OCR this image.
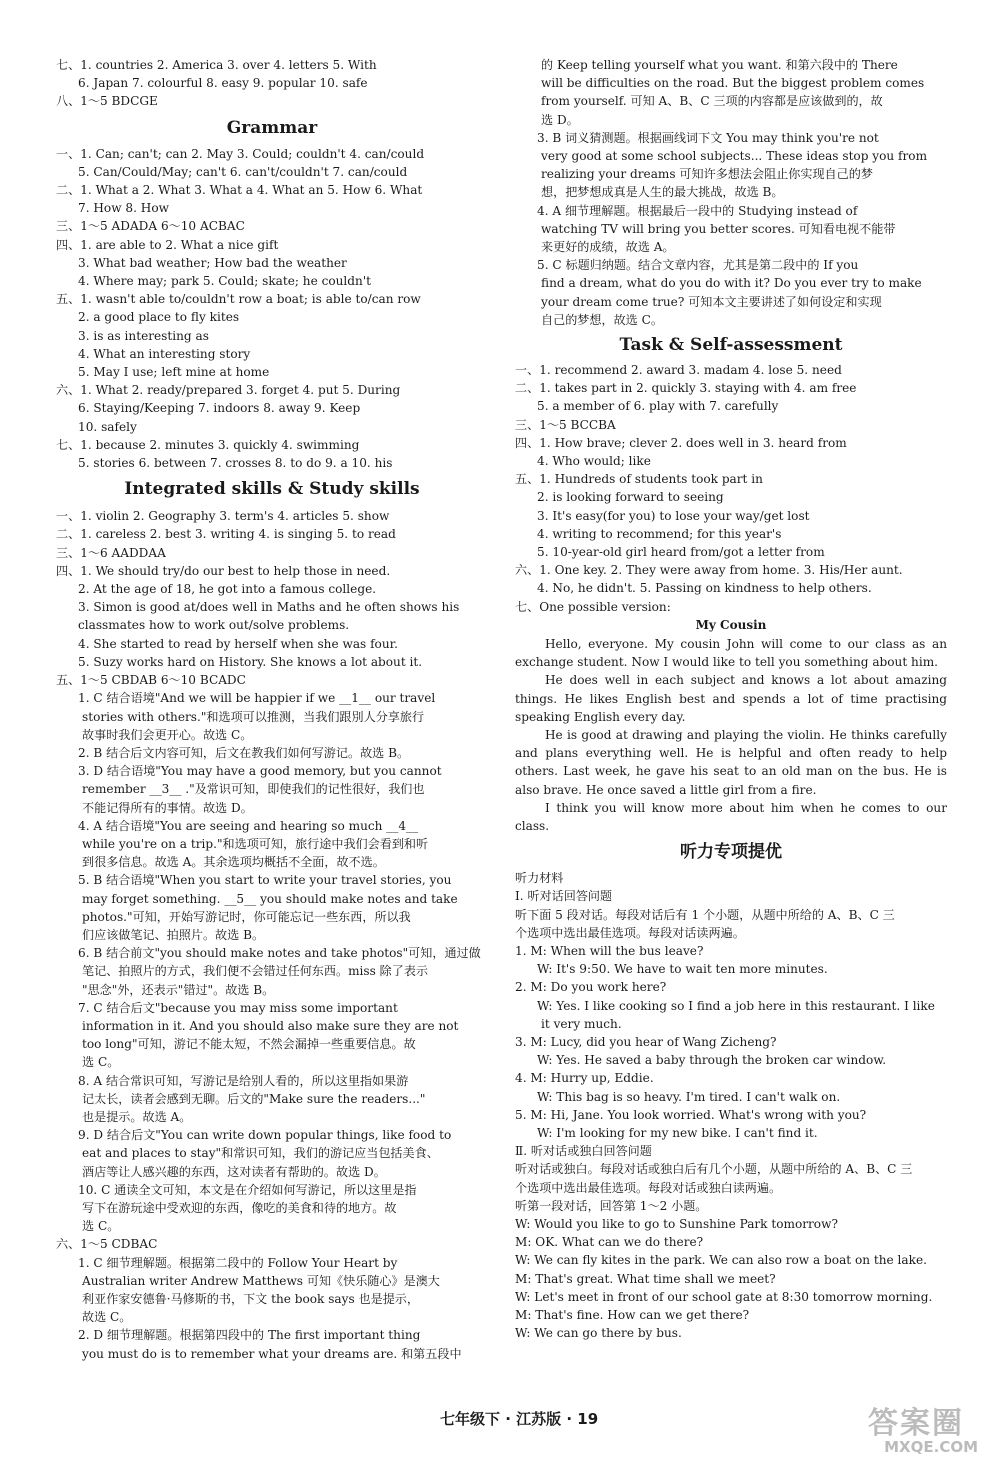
七、1. countries 2. America 3. over 4. letters 5. With
6. Japan 7. colourful 8. easy 9. popular 10. safe
八、1～5 BDCGE
Grammar
一、1. Can; can't; can 2. May 3. Could; couldn't 4. can/could
5. Can/Could/May; can't 6. can't/couldn't 7. can/could
二、1. What a 2. What 3. What a 4. What an 5. How 6. What
7. How 8. How
三、1～5 ADADA 6～10 ACBAC
四、1. are able to 2. What a nice gift
3. What bad weather; How bad the weather
4. Where may; park 5. Could; skate; he couldn't
五、1. wasn't able to/couldn't row a boat; is able to/can row
2. a good place to fly kites
3. is as interesting as
4. What an interesting story
5. May I use; left mine at home
六、1. What 2. ready/prepared 3. forget 4. put 5. During
6. Staying/Keeping 7. indoors 8. away 9. Keep
10. safely
七、1. because 2. minutes 3. quickly 4. swimming
5. stories 6. between 7. crosses 8. to do 9. a 10. his
Integrated skills & Study skills
一、1. violin 2. Geography 3. term's 4. articles 5. show
二、1. careless 2. best 3. writing 4. is singing 5. to read
三、1～6 AADDAA
四、1. We should try/do our best to help those in need.
2. At the age of 18, he got into a famous college.
3. Simon is good at/does well in Maths and he often shows his
classmates how to work out/solve problems.
4. She started to read by herself when she was four.
5. Suzy works hard on History. She knows a lot about it.
五、1～5 CBDAB 6～10 BCADC
1. C 结合语境"And we will be happier if we __1__ our travel
stories with others."和选项可以推测，当我们跟別人分享旅行
故事时我们会更开心。故选 C。
2. B 结合后文内容可知，后文在教我们如何写游记。故选 B。
3. D 结合语境"You may have a good memory, but you cannot
remember __3__ ."及常识可知，即使我们的记性很好，我们也
不能记得所有的事情。故选 D。
4. A 结合语境"You are seeing and hearing so much __4__
while you're on a trip."和选项可知，旅行途中我们会看到和听
到很多信息。故选 A。其余选项均概括不全面，故不选。
5. B 结合语境"When you start to write your travel stories, you
may forget something. __5__ you should make notes and take
photos."可知，开始写游记时，你可能忘记一些东西，所以我
们应该做笔记、拍照片。故选 B。
6. B 结合前文"you should make notes and take photos"可知，通过做
笔记、拍照片的方式，我们便不会错过任何东西。miss 除了表示
"思念"外，还表示"错过"。故选 B。
7. C 结合后文"because you may miss some important
information in it. And you should also make sure they are not
too long"可知，游记不能太短，不然会漏掉一些重要信息。故
选 C。
8. A 结合常识可知，写游记是给别人看的，所以这里指如果游
记太长，读者会感到无聊。后文的"Make sure the readers..."
也是提示。故选 A。
9. D 结合后文"You can write down popular things, like food to
eat and places to stay"和常识可知，我们的游记应当包括美食、
酒店等让人感兴趣的东西，这对读者有帮助的。故选 D。
10. C 通读全文可知，本文是在介绍如何写游记，所以这里是指
写下在游玩途中受欢迎的东西，像吃的美食和待的地方。故
选 C。
六、1～5 CDBAC
1. C 细节理解题。根据第二段中的 Follow Your Heart by
Australian writer Andrew Matthews 可知《快乐随心》是澳大
利亚作家安德鲁·马修斯的书，下文 the book says 也是提示，
故选 C。
2. D 细节理解题。根据第四段中的 The first important thing
you must do is to remember what your dreams are. 和第五段中
的 Keep telling yourself what you want. 和第六段中的 There
will be difficulties on the road. But the biggest problem comes
from yourself. 可知 A、B、C 三项的内容都是应该做到的，故
选 D。
3. B 词义猜测题。根据画线词下文 You may think you're not
very good at some school subjects... These ideas stop you from
realizing your dreams 可知许多想法会阻止你实现自己的梦
想，把梦想成真是人生的最大挑战，故选 B。
4. A 细节理解题。根据最后一段中的 Studying instead of
watching TV will bring you better scores. 可知看电视不能带
来更好的成绩，故选 A。
5. C 标题归纳题。结合文章内容，尤其是第二段中的 If you
find a dream, what do you do with it? Do you ever try to make
your dream come true? 可知本文主要讲述了如何设定和实现
自己的梦想，故选 C。
Task & Self-assessment
一、1. recommend 2. award 3. madam 4. lose 5. need
二、1. takes part in 2. quickly 3. staying with 4. am free
5. a member of 6. play with 7. carefully
三、1～5 BCCBA
四、1. How brave; clever 2. does well in 3. heard from
4. Who would; like
五、1. Hundreds of students took part in
2. is looking forward to seeing
3. It's easy(for you) to lose your way/get lost
4. writing to recommend; for this year's
5. 10-year-old girl heard from/got a letter from
六、1. One key. 2. They were away from home. 3. His/Her aunt.
4. No, he didn't. 5. Passing on kindness to help others.
七、One possible version:
My Cousin
Hello, everyone. My cousin John will come to our class as an exchange student. Now I would like to tell you something about him.
He does well in each subject and knows a lot about amazing things. He likes English best and spends a lot of time practising speaking English every day.
He is good at drawing and playing the violin. He thinks carefully and plans everything well. He is helpful and often ready to help others. Last week, he gave his seat to an old man on the bus. He is also brave. He once saved a little girl from a fire.
I think you will know more about him when he comes to our class.
听力专项提优
听力材料
Ⅰ. 听对话回答问题
听下面 5 段对话。每段对话后有 1 个小题，从题中所给的 A、B、C 三
个选项中选出最佳选项。每段对话读两遍。
1. M: When will the bus leave?
W: It's 9:50. We have to wait ten more minutes.
2. M: Do you work here?
W: Yes. I like cooking so I find a job here in this restaurant. I like
it very much.
3. M: Lucy, did you hear of Wang Zicheng?
W: Yes. He saved a baby through the broken car window.
4. M: Hurry up, Eddie.
W: This bag is so heavy. I'm tired. I can't walk on.
5. M: Hi, Jane. You look worried. What's wrong with you?
W: I'm looking for my new bike. I can't find it.
Ⅱ. 听对话或独白回答问题
听对话或独白。每段对话或独白后有几个小题，从题中所给的 A、B、C 三
个选项中选出最佳选项。每段对话或独白读两遍。
听第一段对话，回答第 1～2 小题。
W: Would you like to go to Sunshine Park tomorrow?
M: OK. What can we do there?
W: We can fly kites in the park. We can also row a boat on the lake.
M: That's great. What time shall we meet?
W: Let's meet in front of our school gate at 8:30 tomorrow morning.
M: That's fine. How can we get there?
W: We can go there by bus.
七年级下 · 江苏版 · 19	答案圈
MXQE.COM
